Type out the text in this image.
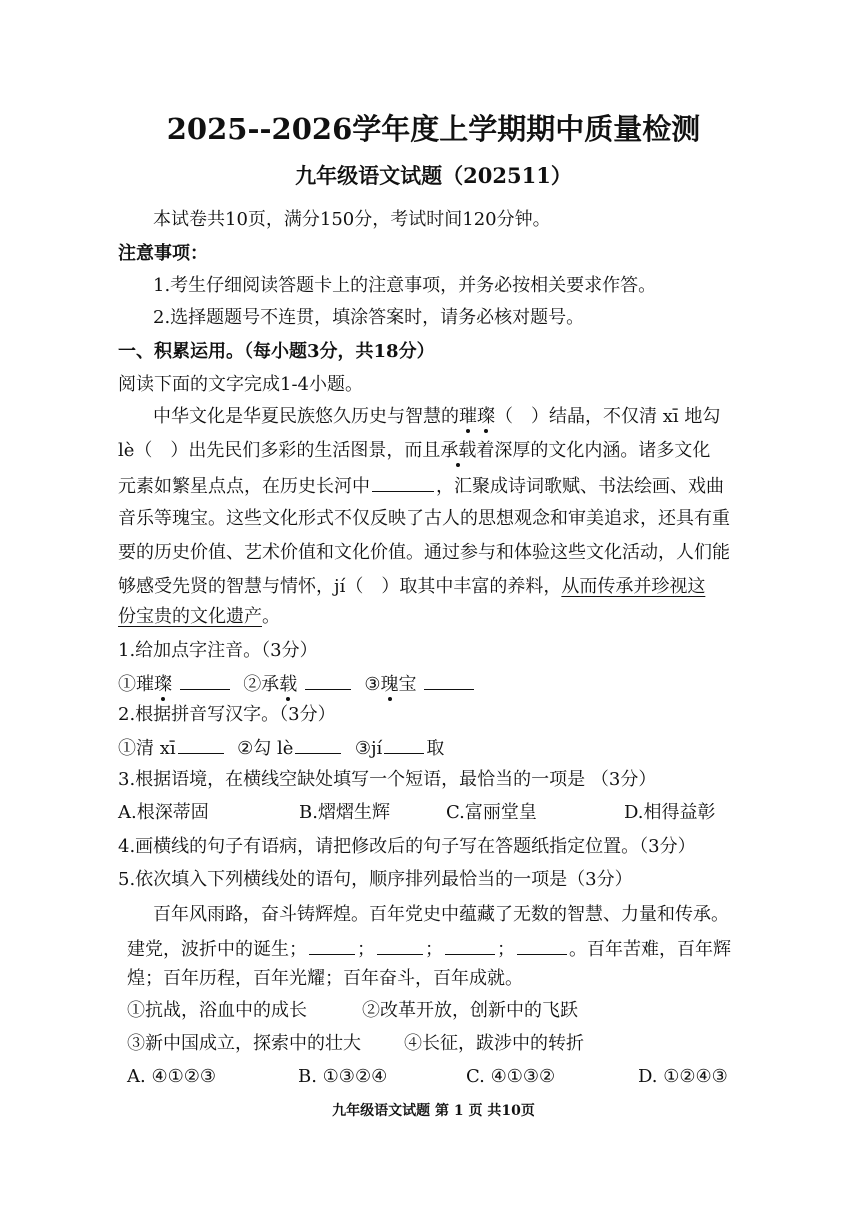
2025--2026学年度上学期期中质量检测
九年级语文试题（202511）
本试卷共10页，满分150分，考试时间120分钟。
注意事项：
1.考生仔细阅读答题卡上的注意事项，并务必按相关要求作答。
2.选择题题号不连贯，填涂答案时，请务必核对题号。
一、积累运用。（每小题3分，共18分）
阅读下面的文字完成1-4小题。
中华文化是华夏民族悠久历史与智慧的璀璨（　）结晶，不仅清 xī 地勾
lè（　）出先民们多彩的生活图景，而且承载着深厚的文化内涵。诸多文化
元素如繁星点点，在历史长河中	，汇聚成诗词歌赋、书法绘画、戏曲
音乐等瑰宝。这些文化形式不仅反映了古人的思想观念和审美追求，还具有重
要的历史价值、艺术价值和文化价值。通过参与和体验这些文化活动，人们能
够感受先贤的智慧与情怀，jí（　）取其中丰富的养料，从而传承并珍视这
份宝贵的文化遗产。
1.给加点字注音。（3分）
①璀璨	②承载	③瑰宝
2.根据拼音写汉字。（3分）
①清 xī	②勾 lè	③jí 取
3.根据语境，在横线空缺处填写一个短语，最恰当的一项是 （3分）
A.根深蒂固	B.熠熠生辉	C.富丽堂皇	D.相得益彰
4.画横线的句子有语病，请把修改后的句子写在答题纸指定位置。（3分）
5.依次填入下列横线处的语句，顺序排列最恰当的一项是（3分）
百年风雨路，奋斗铸辉煌。百年党史中蕴藏了无数的智慧、力量和传承。
建党，波折中的诞生；	；	；	；	。百年苦难，百年辉
煌；百年历程，百年光耀；百年奋斗，百年成就。
①抗战，浴血中的成长	②改革开放，创新中的飞跃
③新中国成立，探索中的壮大 ④长征，跋涉中的转折
A. ④①②③	B. ①③②④	C. ④①③②	D. ①②④③
九年级语文试题 第 1 页 共10页
